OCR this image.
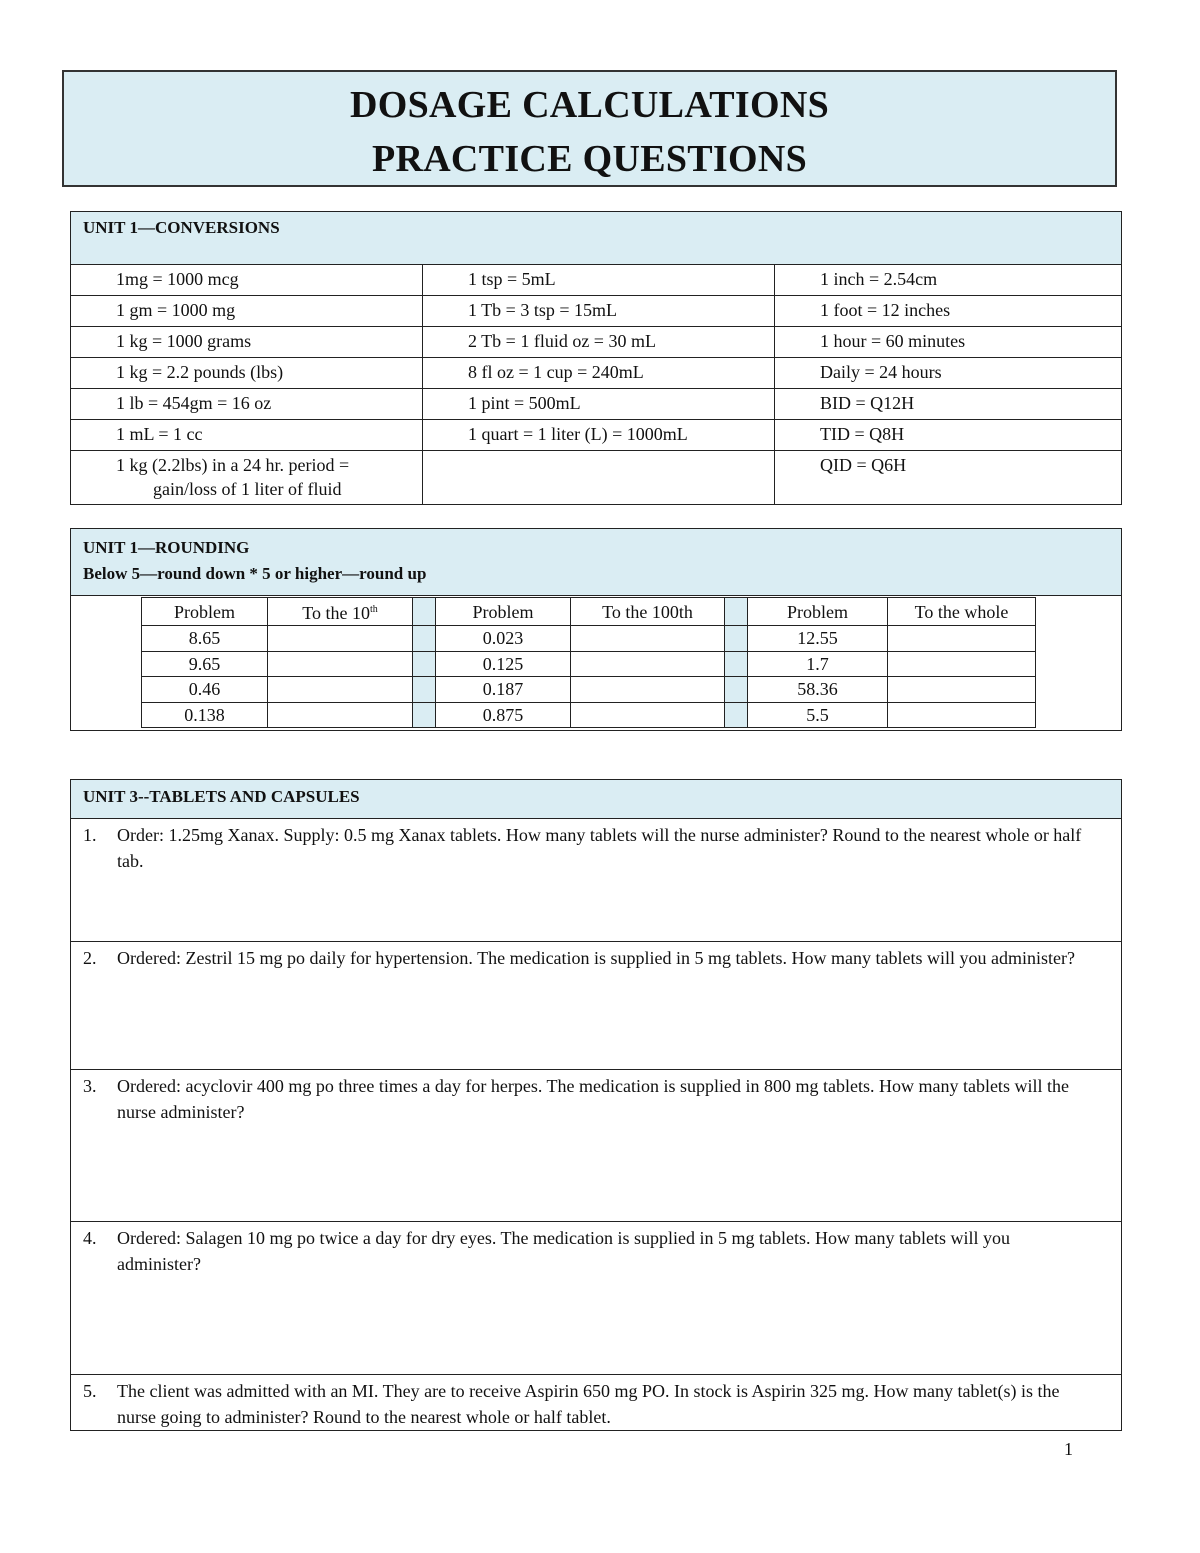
DOSAGE CALCULATIONS
PRACTICE QUESTIONS
UNIT 1—CONVERSIONS		
1mg = 1000 mcg	1 tsp = 5mL	1 inch = 2.54cm
1 gm = 1000 mg	1 Tb = 3 tsp = 15mL	1 foot = 12 inches
1 kg = 1000 grams	2 Tb = 1 fluid oz = 30 mL	1 hour = 60 minutes
1 kg = 2.2 pounds (lbs)	8 fl oz = 1 cup = 240mL	Daily = 24 hours
1 lb = 454gm = 16 oz	1 pint = 500mL	BID = Q12H
1 mL = 1 cc	1 quart = 1 liter (L) = 1000mL	TID = Q8H

1 kg (2.2lbs) in a 24 hr. period =
gain/loss of 1 liter of fluid		QID = Q6H
UNIT 1—ROUNDING
Below 5—round down * 5 or higher—round up
Problem	To the 10th		Problem	To the 100th		Problem	To the whole
8.65			0.023			12.55	
9.65			0.125			1.7	
0.46			0.187			58.36	
0.138			0.875			5.5	
UNIT 3--TABLETS AND CAPSULES
1. Order: 1.25mg Xanax. Supply: 0.5 mg Xanax tablets. How many tablets will the nurse administer? Round to the nearest whole or half tab.
2. Ordered: Zestril 15 mg po daily for hypertension. The medication is supplied in 5 mg tablets. How many tablets will you administer?
3. Ordered: acyclovir 400 mg po three times a day for herpes. The medication is supplied in 800 mg tablets. How many tablets will the nurse administer?
4. Ordered: Salagen 10 mg po twice a day for dry eyes. The medication is supplied in 5 mg tablets. How many tablets will you administer?
5. The client was admitted with an MI. They are to receive Aspirin 650 mg PO. In stock is Aspirin 325 mg. How many tablet(s) is the nurse going to administer? Round to the nearest whole or half tablet.
1
